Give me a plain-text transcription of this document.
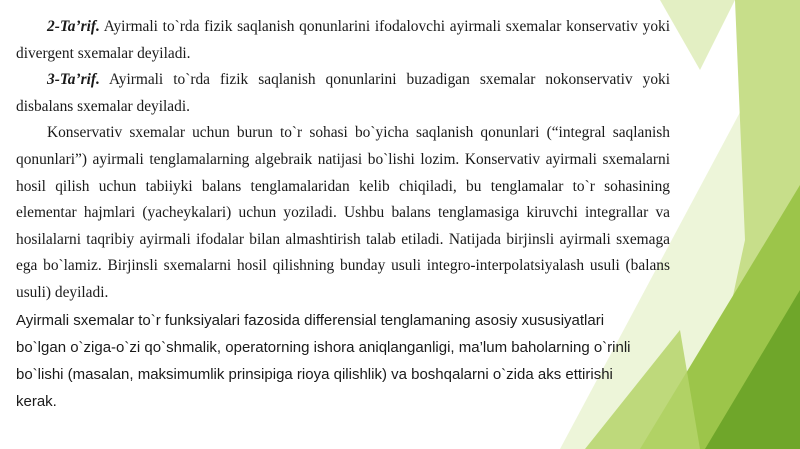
2-Ta’rif. Ayirmali to`rda fizik saqlanish qonunlarini ifodalovchi ayirmali sxemalar konservativ yoki divergent sxemalar deyiladi.

3-Ta’rif. Ayirmali to`rda fizik saqlanish qonunlarini buzadigan sxemalar nokonservativ yoki disbalans sxemalar deyiladi.

Konservativ sxemalar uchun burun to`r sohasi bo`yicha saqlanish qonunlari (“integral saqlanish qonunlari”) ayirmali tenglamalarning algebraik natijasi bo`lishi lozim. Konservativ ayirmali sxemalarni hosil qilish uchun tabiiyki balans tenglamalaridan kelib chiqiladi, bu tenglamalar to`r sohasining elementar hajmlari (yacheykalari) uchun yoziladi. Ushbu balans tenglamasiga kiruvchi integrallar va hosilalarni taqribiy ayirmali ifodalar bilan almashtirish talab etiladi. Natijada birjinsli ayirmali sxemaga ega bo`lamiz. Birjinsli sxemalarni hosil qilishning bunday usuli integro-interpolatsiyalash usuli (balans usuli) deyiladi.

Ayirmali sxemalar to`r funksiyalari fazosida differensial tenglamaning asosiy xususiyatlari bo`lgan o`ziga-o`zi qo`shmalik, operatorning ishora aniqlanganligi, ma’lum baholarning o`rinli bo`lishi (masalan, maksimumlik prinsipiga rioya qilishlik) va boshqalarni o`zida aks ettirishi kerak.
